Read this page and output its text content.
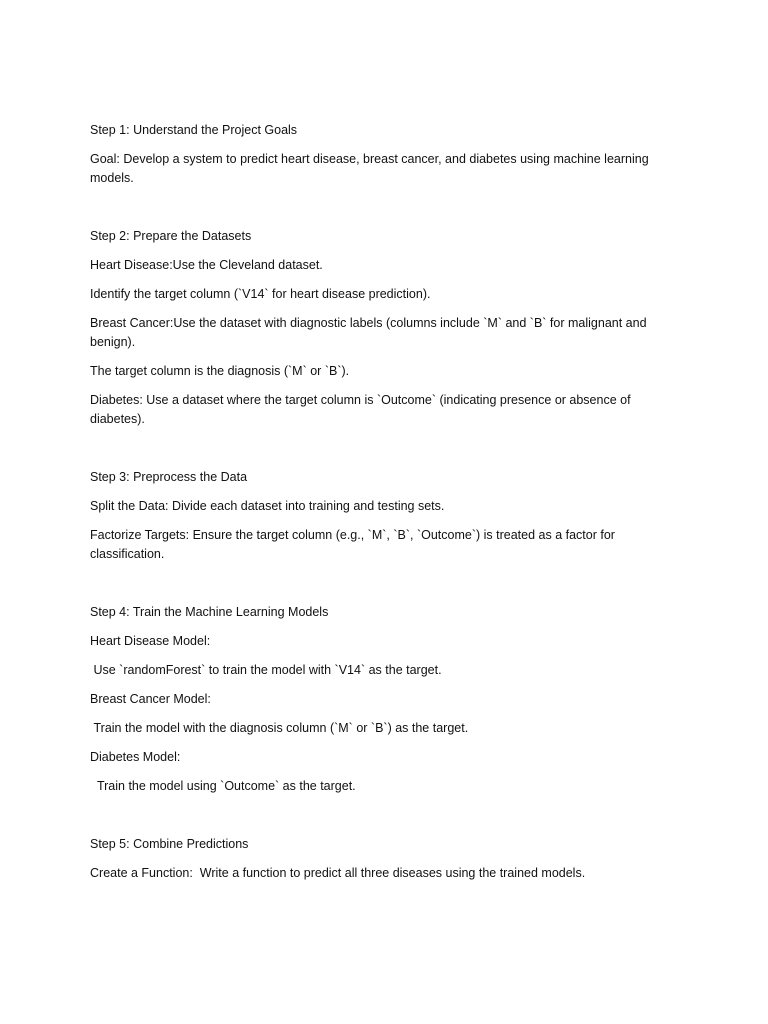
Step 1: Understand the Project Goals

Goal: Develop a system to predict heart disease, breast cancer, and diabetes using machine learning models.

Step 2: Prepare the Datasets

Heart Disease:Use the Cleveland dataset.

Identify the target column (`V14` for heart disease prediction).

Breast Cancer:Use the dataset with diagnostic labels (columns include `M` and `B` for malignant and benign).

The target column is the diagnosis (`M` or `B`).

Diabetes: Use a dataset where the target column is `Outcome` (indicating presence or absence of diabetes).

Step 3: Preprocess the Data

Split the Data: Divide each dataset into training and testing sets.

Factorize Targets: Ensure the target column (e.g., `M`, `B`, `Outcome`) is treated as a factor for classification.

Step 4: Train the Machine Learning Models

Heart Disease Model:

Use `randomForest` to train the model with `V14` as the target.

Breast Cancer Model:

Train the model with the diagnosis column (`M` or `B`) as the target.

Diabetes Model:

Train the model using `Outcome` as the target.

Step 5: Combine Predictions

Create a Function:  Write a function to predict all three diseases using the trained models.
